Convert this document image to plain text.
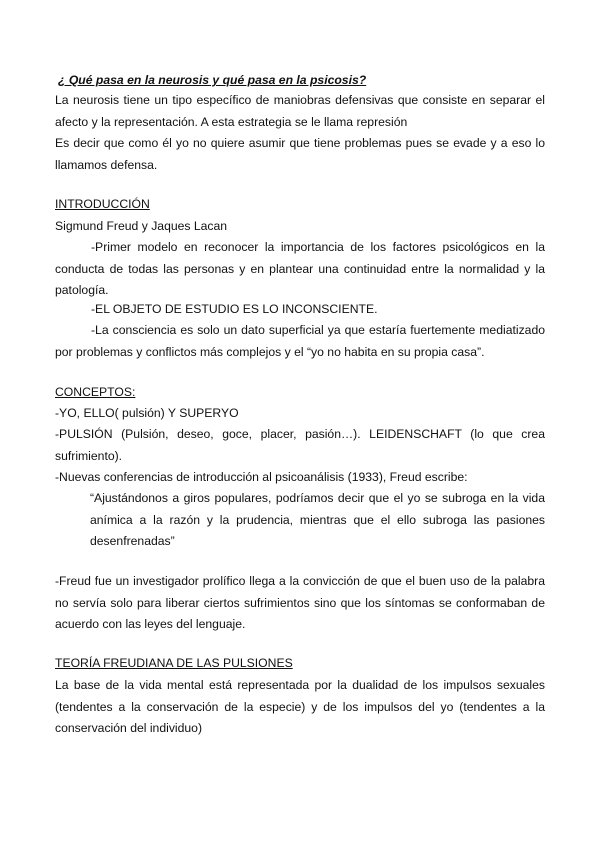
¿ Qué pasa en la neurosis y qué pasa en la psicosis?
La neurosis tiene un tipo específico de maniobras defensivas que consiste en separar el afecto y la representación. A esta estrategia se le llama represión
Es decir que como él yo no quiere asumir que tiene problemas pues se evade y a eso lo llamamos defensa.
INTRODUCCIÓN
Sigmund Freud y Jaques Lacan
-Primer modelo en reconocer la importancia de los factores psicológicos en la conducta de todas las personas y en plantear una continuidad entre la normalidad y la patología.
-EL OBJETO DE ESTUDIO ES LO INCONSCIENTE.
-La consciencia es solo un dato superficial ya que estaría fuertemente mediatizado por problemas y conflictos más complejos y el “yo no habita en su propia casa”.
CONCEPTOS:
-YO, ELLO( pulsión) Y SUPERYO
-PULSIÓN (Pulsión, deseo, goce, placer, pasión…). LEIDENSCHAFT (lo que crea sufrimiento).
-Nuevas conferencias de introducción al psicoanálisis (1933), Freud escribe:
“Ajustándonos a giros populares, podríamos decir que el yo se subroga en la vida anímica a la razón y la prudencia, mientras que el ello subroga las pasiones desenfrenadas”
-Freud fue un investigador prolífico llega a la convicción de que el buen uso de la palabra no servía solo para liberar ciertos sufrimientos sino que los síntomas se conformaban de acuerdo con las leyes del lenguaje.
TEORÍA FREUDIANA DE LAS PULSIONES
La base de la vida mental está representada por la dualidad de los impulsos sexuales (tendentes a la conservación de la especie) y de los impulsos del yo (tendentes a la conservación del individuo)
